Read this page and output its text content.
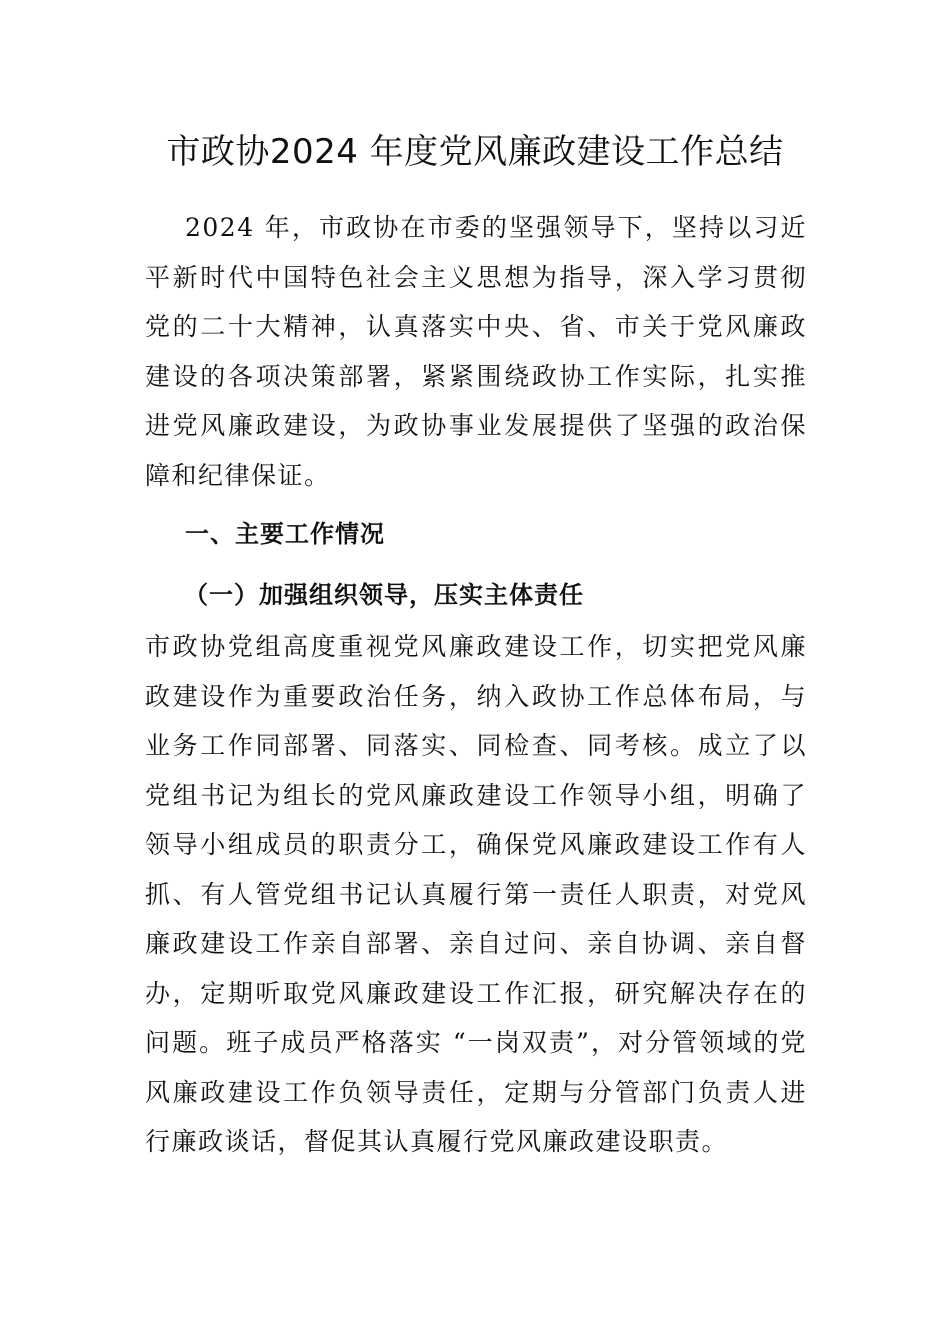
市政协2024 年度党风廉政建设工作总结
2024 年，市政协在市委的坚强领导下，坚持以习近平新时代中国特色社会主义思想为指导，深入学习贯彻党的二十大精神，认真落实中央、省、市关于党风廉政建设的各项决策部署，紧紧围绕政协工作实际，扎实推进党风廉政建设，为政协事业发展提供了坚强的政治保障和纪律保证。
一、主要工作情况
（一）加强组织领导，压实主体责任
市政协党组高度重视党风廉政建设工作，切实把党风廉政建设作为重要政治任务，纳入政协工作总体布局，与业务工作同部署、同落实、同检查、同考核。成立了以党组书记为组长的党风廉政建设工作领导小组，明确了领导小组成员的职责分工，确保党风廉政建设工作有人抓、有人管党组书记认真履行第一责任人职责，对党风廉政建设工作亲自部署、亲自过问、亲自协调、亲自督办，定期听取党风廉政建设工作汇报，研究解决存在的问题。班子成员严格落实 “一岗双责”，对分管领域的党风廉政建设工作负领导责任，定期与分管部门负责人进行廉政谈话，督促其认真履行党风廉政建设职责。
